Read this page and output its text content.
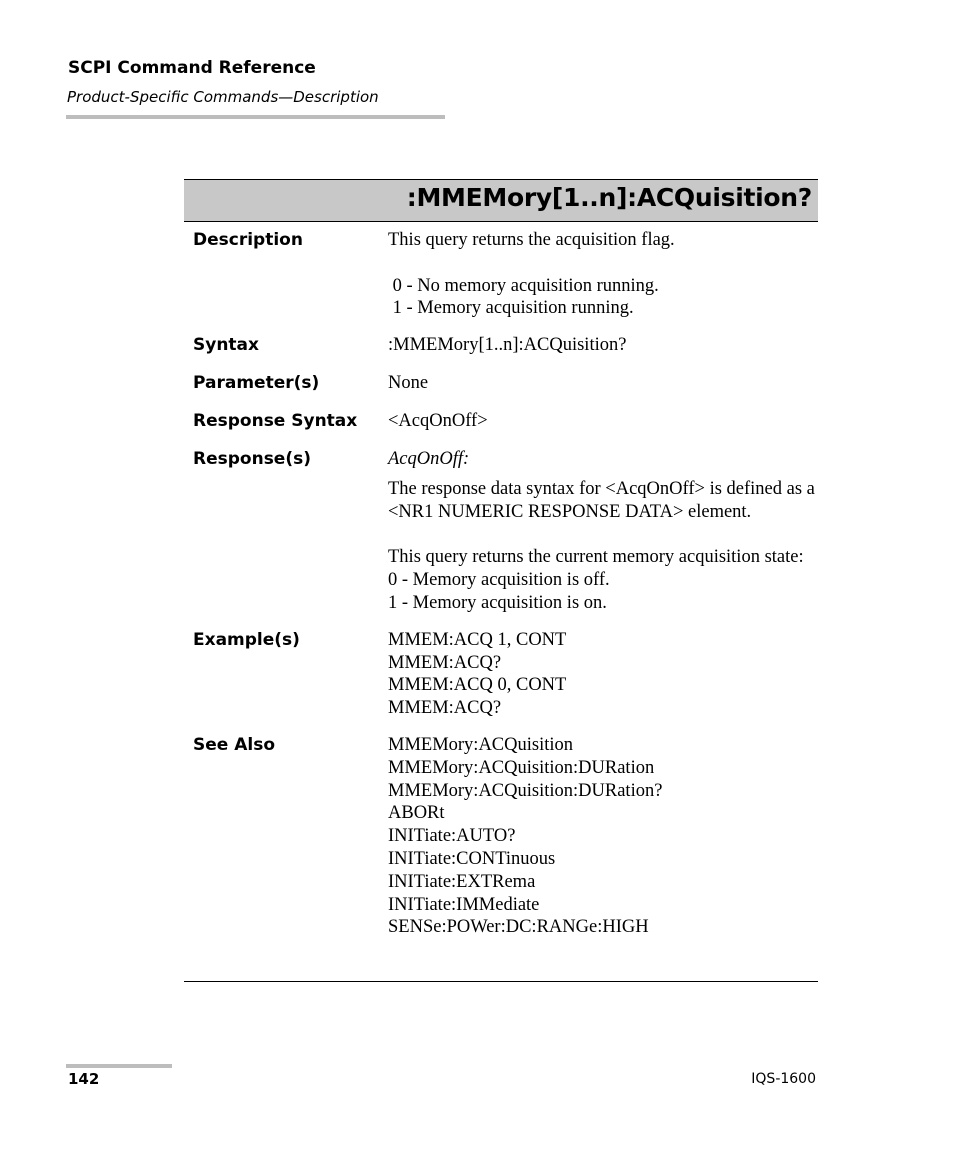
SCPI Command Reference
Product-Specific Commands—Description
:MMEMory[1..n]:ACQuisition?
Description	This query returns the acquisition flag.
0 - No memory acquisition running.
1 - Memory acquisition running.
Syntax	:MMEMory[1..n]:ACQuisition?
Parameter(s)	None
Response Syntax	<AcqOnOff>
Response(s)	AcqOnOff:
The response data syntax for <AcqOnOff> is defined as a <NR1 NUMERIC RESPONSE DATA> element.
This query returns the current memory acquisition state:
0 - Memory acquisition is off.
1 - Memory acquisition is on.
Example(s)	MMEM:ACQ 1, CONT
MMEM:ACQ?
MMEM:ACQ 0, CONT
MMEM:ACQ?
See Also	MMEMory:ACQuisition
MMEMory:ACQuisition:DURation
MMEMory:ACQuisition:DURation?
ABORt
INITiate:AUTO?
INITiate:CONTinuous
INITiate:EXTRema
INITiate:IMMediate
SENSe:POWer:DC:RANGe:HIGH
142	IQS-1600
